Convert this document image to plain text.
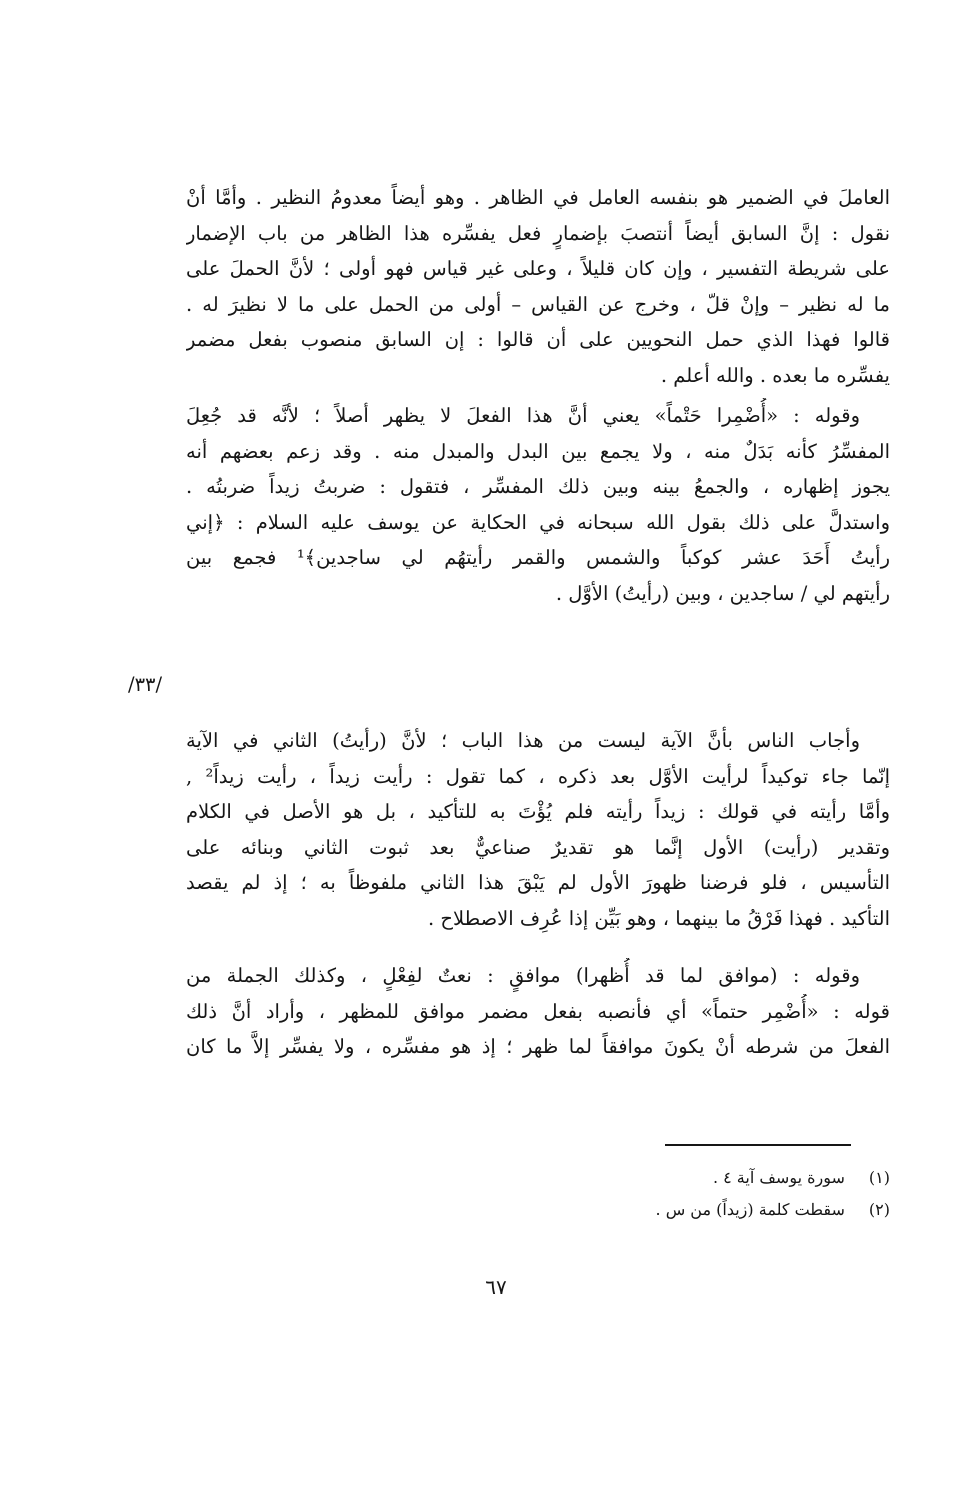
العاملَ في الضمير هو بنفسه العامل في الظاهر . وهو أيضاً معدومُ النظير . وأمَّا أنْ
نقول : إنَّ السابق أيضاً أنتصبَ بإضمارٍ فعل يفسِّره هذا الظاهر من باب الإضمار
على شريطة التفسير ، وإن كان قليلاً ، وعلى غير قياس فهو أولى ؛ لأنَّ الحملَ على
ما له نظير – وإنْ قلّ ، وخرج عن القياس – أولى من الحمل على ما لا نظيرَ له .
قالوا فهذا الذي حمل النحويين على أن قالوا : إن السابق منصوب بفعل مضمر
يفسِّره ما بعده . والله أعلم .
وقوله : «أُضْمِرا حَتْماً» يعني أنَّ هذا الفعلَ لا يظهر أصلاً ؛ لأنَّه قد جُعِلَ
المفسِّرُ كأنه بَدَلٌ منه ، ولا يجمع بين البدل والمبدل منه . وقد زعم بعضهم أنه
يجوز إظهاره ، والجمعُ بينه وبين ذلك المفسِّر ، فتقول : ضربتُ زيداً ضربتُه .
واستدلَّ على ذلك بقول الله سبحانه في الحكاية عن يوسف عليه السلام : ﴿إني
رأيتُ أَحَدَ عشر كوكباً والشمس والقمر رأيتهُم لي ساجدين﴾¹ فجمع بين
رأيتهم لي / ساجدين ، وبين (رأيتُ) الأوَّل .
/٣٣/
وأجاب الناس بأنَّ الآية ليست من هذا الباب ؛ لأنَّ (رأيتُ) الثاني في الآية
إنّما جاء توكيداً لرأيت الأوَّل بعد ذكره ، كما تقول : رأيت زيداً ، رأيت زيداً² ,
وأمَّا رأيته في قولك : زيداً رأيته فلم يُؤْتَ به للتأكيد ، بل هو الأصل في الكلام
وتقدير (رأيت) الأول إنَّما هو تقديرٌ صناعيٌّ بعد ثبوت الثاني وبنائه على
التأسيس ، فلو فرضنا ظهورَ الأول لم يَبْقَ هذا الثاني ملفوظاً به ؛ إذ لم يقصد
التأكيد . فهذا فَرْقُ ما بينهما ، وهو بَيِّن إذا عُرِف الاصطلاح .
وقوله : (موافق لما قد أُظهرا) موافقٍ : نعتٌ لفِعْلٍ ، وكذلك الجملة من
قوله : «أُضْمِر حتماً» أي فأنصبه بفعل مضمر موافق للمظهر ، وأراد أنَّ ذلك
الفعلَ من شرطه أنْ يكونَ موافقاً لما ظهر ؛ إذ هو مفسِّره ، ولا يفسِّر إلاَّ ما كان
(١) سورة يوسف آية ٤ .
(٢) سقطت كلمة (زيداً) من س .
٦٧
